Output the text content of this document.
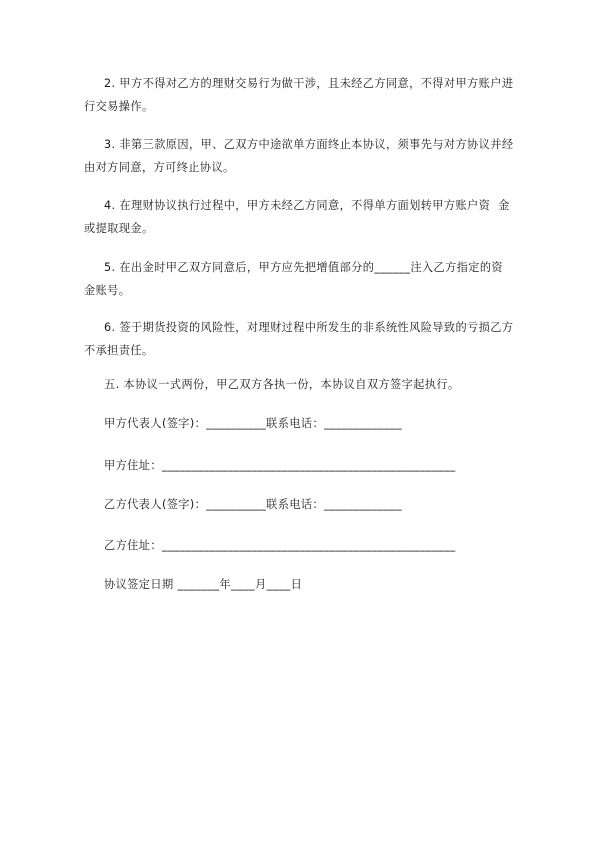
2. 甲方不得对乙方的理财交易行为做干涉，且未经乙方同意，不得对甲方账户进行交易操作。

3. 非第三款原因，甲、乙双方中途欲单方面终止本协议，须事先与对方协议并经由对方同意，方可终止协议。

4. 在理财协议执行过程中，甲方未经乙方同意，不得单方面划转甲方账户资  金或提取现金。

5. 在出金时甲乙双方同意后，甲方应先把增值部分的______注入乙方指定的资金账号。

6. 签于期货投资的风险性，对理财过程中所发生的非系统性风险导致的亏损乙方不承担责任。

五. 本协议一式两份，甲乙双方各执一份，本协议自双方签字起执行。

甲方代表人(签字)：__________联系电话：_____________

甲方住址：_________________________________________________

乙方代表人(签字)：__________联系电话：_____________

乙方住址：_________________________________________________

协议签定日期 _______年____月____日
